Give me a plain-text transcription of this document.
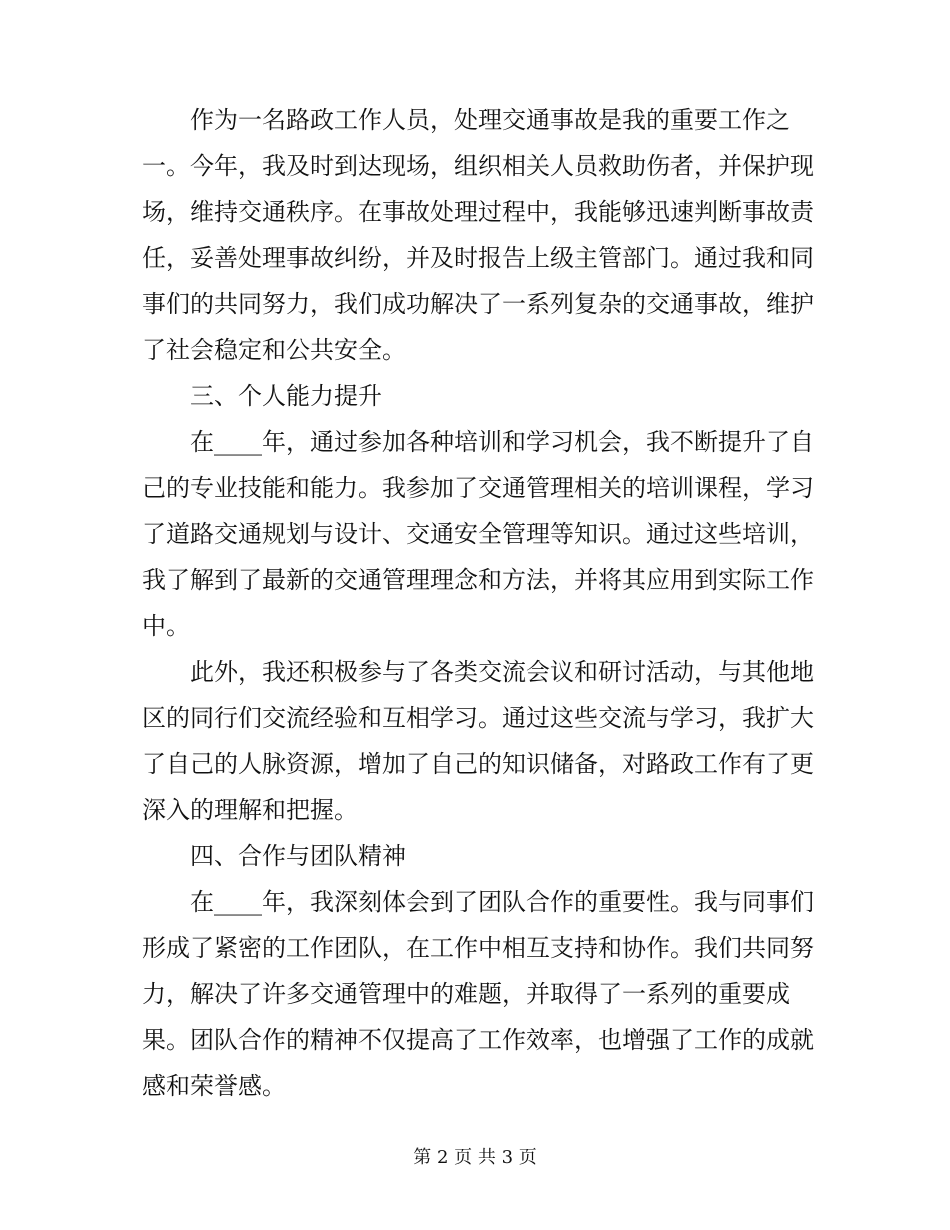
作为一名路政工作人员，处理交通事故是我的重要工作之

一。今年，我及时到达现场，组织相关人员救助伤者，并保护现

场，维持交通秩序。在事故处理过程中，我能够迅速判断事故责

任，妥善处理事故纠纷，并及时报告上级主管部门。通过我和同

事们的共同努力，我们成功解决了一系列复杂的交通事故，维护

了社会稳定和公共安全。

三、个人能力提升

在____年，通过参加各种培训和学习机会，我不断提升了自

己的专业技能和能力。我参加了交通管理相关的培训课程，学习

了道路交通规划与设计、交通安全管理等知识。通过这些培训，

我了解到了最新的交通管理理念和方法，并将其应用到实际工作

中。

此外，我还积极参与了各类交流会议和研讨活动，与其他地

区的同行们交流经验和互相学习。通过这些交流与学习，我扩大

了自己的人脉资源，增加了自己的知识储备，对路政工作有了更

深入的理解和把握。

四、合作与团队精神

在____年，我深刻体会到了团队合作的重要性。我与同事们

形成了紧密的工作团队，在工作中相互支持和协作。我们共同努

力，解决了许多交通管理中的难题，并取得了一系列的重要成

果。团队合作的精神不仅提高了工作效率，也增强了工作的成就

感和荣誉感。

第 2 页 共 3 页
